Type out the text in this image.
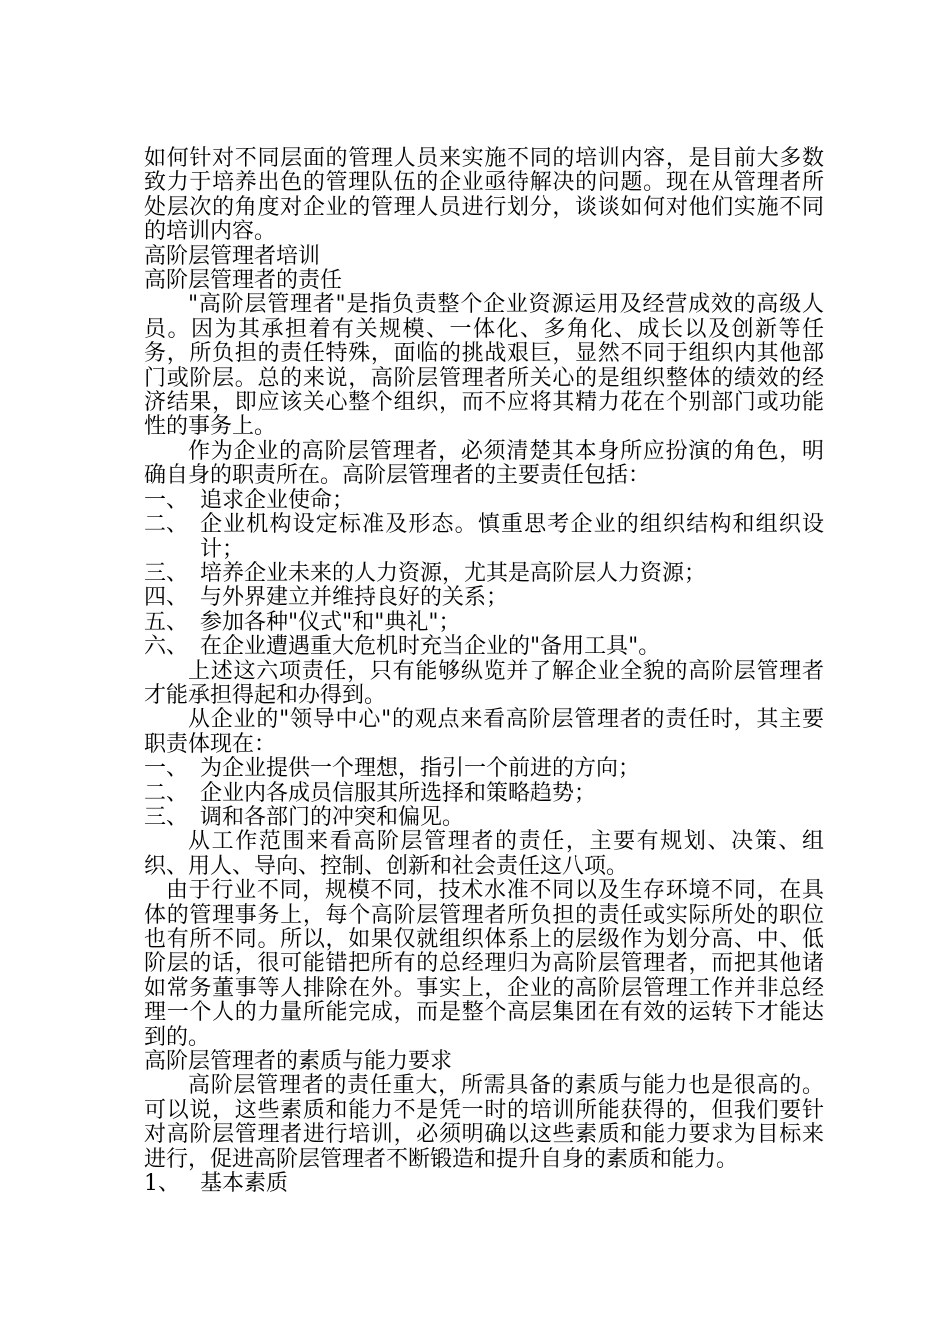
如何针对不同层面的管理人员来实施不同的培训内容，是目前大多数致力于培养出色的管理队伍的企业亟待解决的问题。现在从管理者所处层次的角度对企业的管理人员进行划分，谈谈如何对他们实施不同的培训内容。

高阶层管理者培训

高阶层管理者的责任

"高阶层管理者"是指负责整个企业资源运用及经营成效的高级人员。因为其承担着有关规模、一体化、多角化、成长以及创新等任务，所负担的责任特殊，面临的挑战艰巨，显然不同于组织内其他部门或阶层。总的来说，高阶层管理者所关心的是组织整体的绩效的经济结果，即应该关心整个组织，而不应将其精力花在个别部门或功能性的事务上。

作为企业的高阶层管理者，必须清楚其本身所应扮演的角色，明确自身的职责所在。高阶层管理者的主要责任包括：

一、 追求企业使命；
二、 企业机构设定标准及形态。慎重思考企业的组织结构和组织设计；
三、 培养企业未来的人力资源，尤其是高阶层人力资源；
四、 与外界建立并维持良好的关系；
五、 参加各种"仪式"和"典礼"；
六、 在企业遭遇重大危机时充当企业的"备用工具"。

上述这六项责任，只有能够纵览并了解企业全貌的高阶层管理者才能承担得起和办得到。

从企业的"领导中心"的观点来看高阶层管理者的责任时，其主要职责体现在：

一、 为企业提供一个理想，指引一个前进的方向；
二、 企业内各成员信服其所选择和策略趋势；
三、 调和各部门的冲突和偏见。

从工作范围来看高阶层管理者的责任，主要有规划、决策、组织、用人、导向、控制、创新和社会责任这八项。

由于行业不同，规模不同，技术水准不同以及生存环境不同，在具体的管理事务上，每个高阶层管理者所负担的责任或实际所处的职位也有所不同。所以，如果仅就组织体系上的层级作为划分高、中、低阶层的话，很可能错把所有的总经理归为高阶层管理者，而把其他诸如常务董事等人排除在外。事实上，企业的高阶层管理工作并非总经理一个人的力量所能完成，而是整个高层集团在有效的运转下才能达到的。

高阶层管理者的素质与能力要求

高阶层管理者的责任重大，所需具备的素质与能力也是很高的。可以说，这些素质和能力不是凭一时的培训所能获得的，但我们要针对高阶层管理者进行培训，必须明确以这些素质和能力要求为目标来进行，促进高阶层管理者不断锻造和提升自身的素质和能力。

1、 基本素质
